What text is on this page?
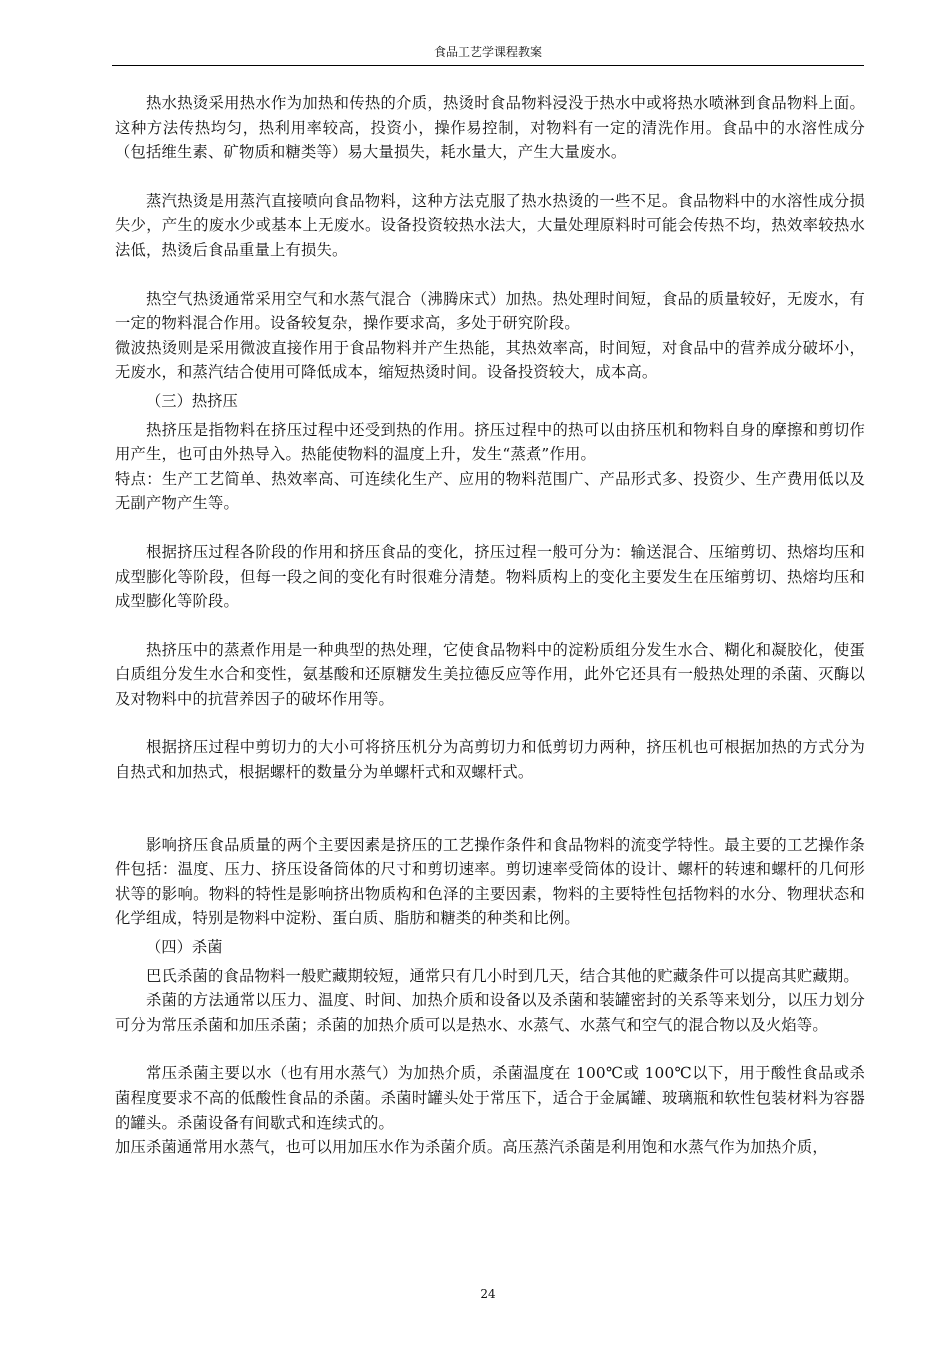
食品工艺学课程教案

热水热烫采用热水作为加热和传热的介质，热烫时食品物料浸没于热水中或将热水喷淋到食品物料上面。这种方法传热均匀，热利用率较高，投资小，操作易控制，对物料有一定的清洗作用。食品中的水溶性成分（包括维生素、矿物质和糖类等）易大量损失，耗水量大，产生大量废水。

蒸汽热烫是用蒸汽直接喷向食品物料，这种方法克服了热水热烫的一些不足。食品物料中的水溶性成分损失少，产生的废水少或基本上无废水。设备投资较热水法大，大量处理原料时可能会传热不均，热效率较热水法低，热烫后食品重量上有损失。

热空气热烫通常采用空气和水蒸气混合（沸腾床式）加热。热处理时间短，食品的质量较好，无废水，有一定的物料混合作用。设备较复杂，操作要求高，多处于研究阶段。

微波热烫则是采用微波直接作用于食品物料并产生热能，其热效率高，时间短，对食品中的营养成分破坏小，无废水，和蒸汽结合使用可降低成本，缩短热烫时间。设备投资较大，成本高。

（三）热挤压

热挤压是指物料在挤压过程中还受到热的作用。挤压过程中的热可以由挤压机和物料自身的摩擦和剪切作用产生，也可由外热导入。热能使物料的温度上升，发生“蒸煮”作用。

特点：生产工艺简单、热效率高、可连续化生产、应用的物料范围广、产品形式多、投资少、生产费用低以及无副产物产生等。

根据挤压过程各阶段的作用和挤压食品的变化，挤压过程一般可分为：输送混合、压缩剪切、热熔均压和成型膨化等阶段，但每一段之间的变化有时很难分清楚。物料质构上的变化主要发生在压缩剪切、热熔均压和成型膨化等阶段。

热挤压中的蒸煮作用是一种典型的热处理，它使食品物料中的淀粉质组分发生水合、糊化和凝胶化，使蛋白质组分发生水合和变性，氨基酸和还原糖发生美拉德反应等作用，此外它还具有一般热处理的杀菌、灭酶以及对物料中的抗营养因子的破坏作用等。

根据挤压过程中剪切力的大小可将挤压机分为高剪切力和低剪切力两种，挤压机也可根据加热的方式分为自热式和加热式，根据螺杆的数量分为单螺杆式和双螺杆式。

影响挤压食品质量的两个主要因素是挤压的工艺操作条件和食品物料的流变学特性。最主要的工艺操作条件包括：温度、压力、挤压设备筒体的尺寸和剪切速率。剪切速率受筒体的设计、螺杆的转速和螺杆的几何形状等的影响。物料的特性是影响挤出物质构和色泽的主要因素，物料的主要特性包括物料的水分、物理状态和化学组成，特别是物料中淀粉、蛋白质、脂肪和糖类的种类和比例。

（四）杀菌

巴氏杀菌的食品物料一般贮藏期较短，通常只有几小时到几天，结合其他的贮藏条件可以提高其贮藏期。

杀菌的方法通常以压力、温度、时间、加热介质和设备以及杀菌和装罐密封的关系等来划分，以压力划分可分为常压杀菌和加压杀菌；杀菌的加热介质可以是热水、水蒸气、水蒸气和空气的混合物以及火焰等。

常压杀菌主要以水（也有用水蒸气）为加热介质，杀菌温度在 100℃或 100℃以下，用于酸性食品或杀菌程度要求不高的低酸性食品的杀菌。杀菌时罐头处于常压下，适合于金属罐、玻璃瓶和软性包装材料为容器的罐头。杀菌设备有间歇式和连续式的。

加压杀菌通常用水蒸气，也可以用加压水作为杀菌介质。高压蒸汽杀菌是利用饱和水蒸气作为加热介质，

24
